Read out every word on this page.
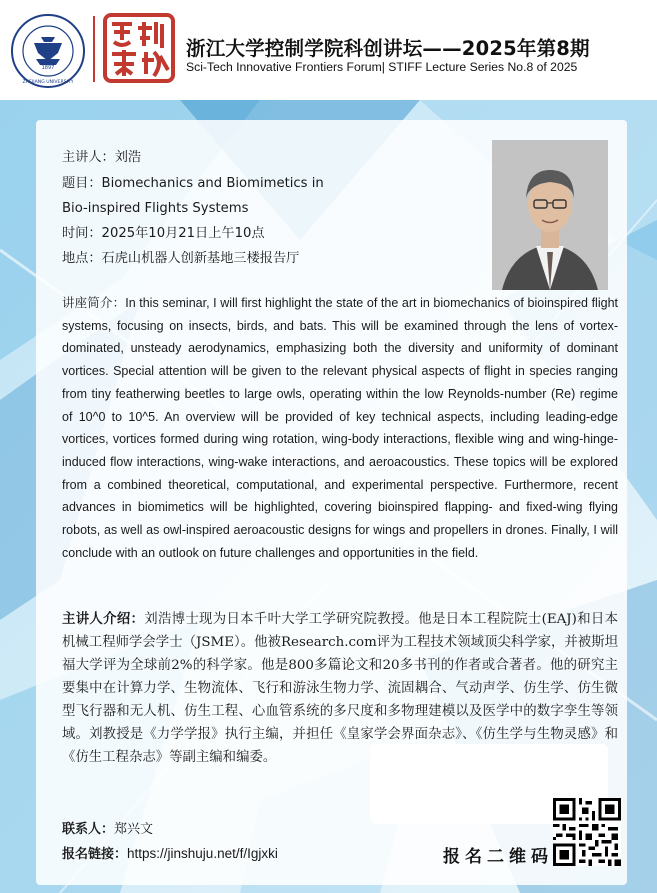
1897
ZHEJIANG UNIVERSITY
浙江大学控制学院科创讲坛——2025年第8期
Sci-Tech Innovative Frontiers Forum| STIFF Lecture Series No.8 of 2025
主讲人：刘浩
题目：Biomechanics and Biomimetics in
Bio-inspired Flights Systems
时间：2025年10月21日上午10点
地点：石虎山机器人创新基地三楼报告厅
讲座简介：In this seminar, I will first highlight the state of the art in biomechanics of bioinspired flight systems, focusing on insects, birds, and bats. This will be examined through the lens of vortex-dominated, unsteady aerodynamics, emphasizing both the diversity and uniformity of dominant vortices. Special attention will be given to the relevant physical aspects of flight in species ranging from tiny featherwing beetles to large owls, operating within the low Reynolds-number (Re) regime of 10^0 to 10^5. An overview will be provided of key technical aspects, including leading-edge vortices, vortices formed during wing rotation, wing-body interactions, flexible wing and wing-hinge-induced flow interactions, wing-wake interactions, and aeroacoustics. These topics will be explored from a combined theoretical, computational, and experimental perspective. Furthermore, recent advances in biomimetics will be highlighted, covering bioinspired flapping- and fixed-wing flying robots, as well as owl-inspired aeroacoustic designs for wings and propellers in drones. Finally, I will conclude with an outlook on future challenges and opportunities in the field.
主讲人介绍：刘浩博士现为日本千叶大学工学研究院教授。他是日本工程院院士(EAJ)和日本机械工程师学会学士（JSME）。他被Research.com评为工程技术领域顶尖科学家，并被斯坦福大学评为全球前2%的科学家。他是800多篇论文和20多书刊的作者或合著者。他的研究主要集中在计算力学、生物流体、飞行和游泳生物力学、流固耦合、气动声学、仿生学、仿生微型飞行器和无人机、仿生工程、心血管系统的多尺度和多物理建模以及医学中的数字孪生等领域。刘教授是《力学学报》执行主编，并担任《皇家学会界面杂志》、《仿生学与生物灵感》和《仿生工程杂志》等副主编和编委。
联系人：郑兴文
报名链接：https://jinshuju.net/f/Igjxki	报名二维码
